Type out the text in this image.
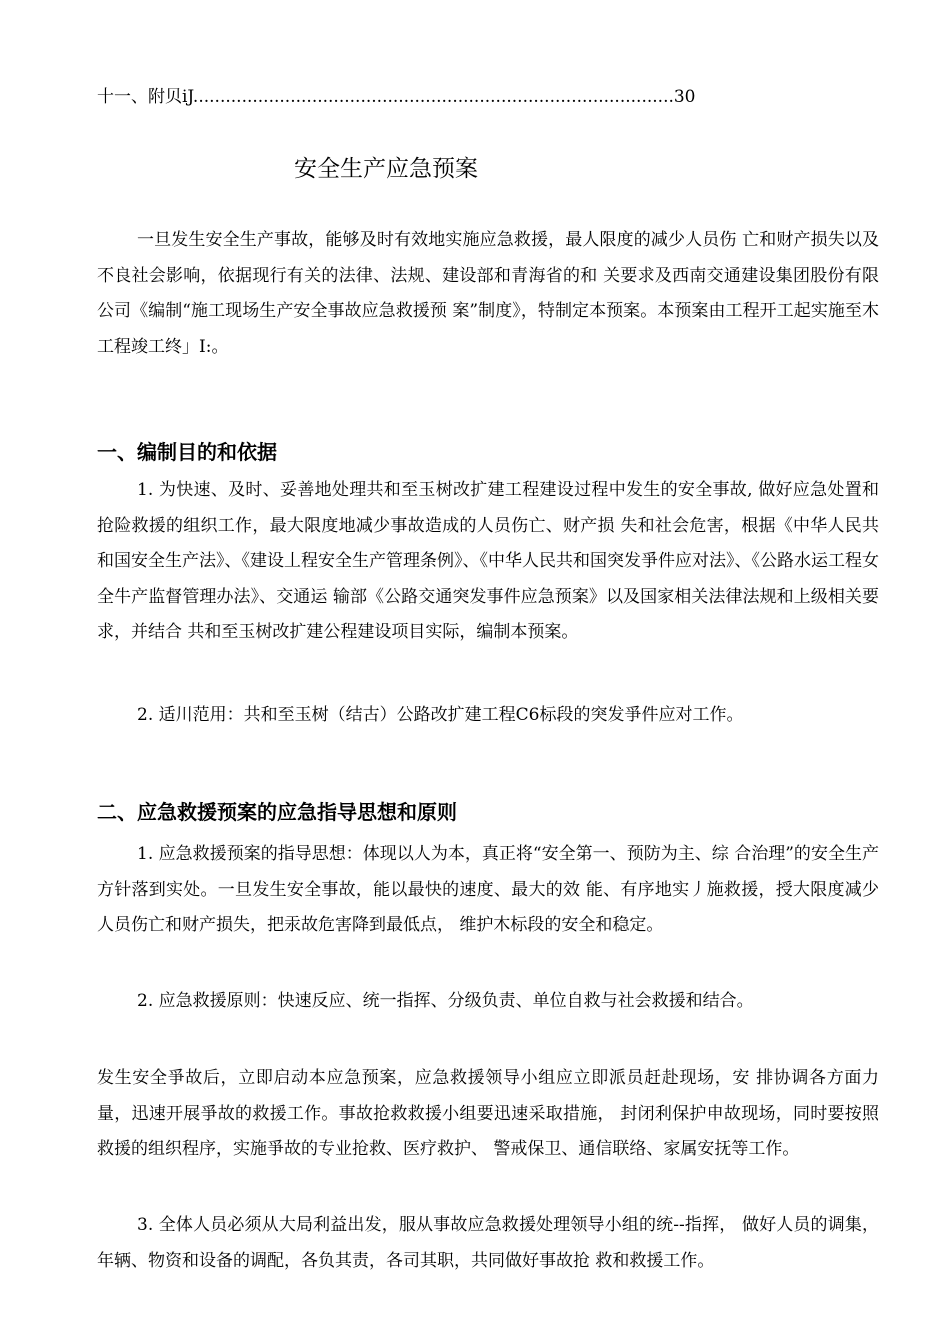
十一、附贝iJ.........................................................................................30
安全生产应急预案

一旦发生安全生产事故，能够及时有效地实施应急救援，最人限度的减少人员伤 亡和财产损失以及不良社会影响，依据现行有关的法律、法规、建设部和青海省的和 关要求及西南交通建设集团股份有限公司《编制“施工现场生产安全事故应急救援预 案”制度》，特制定本预案。本预案由工程开工起实施至木工程竣工终」I:。

一、编制目的和依据

1. 为快速、及时、妥善地处理共和至玉树改扩建工程建设过程中发生的安全事故, 做好应急处置和抢险救援的组织工作，最大限度地减少事故造成的人员伤亡、财产损 失和社会危害，根据《中华人民共和国安全生产法》、《建设丄程安全生产管理条例》、《中华人民共和国突发爭件应对法》、《公路水运工程女全牛产监督管理办法》、交通运 输部《公路交通突发事件应急预案》以及国家相关法律法规和上级相关要求，并结合 共和至玉树改扩建公程建设项目实际，编制本预案。

2. 适川范用：共和至玉树（结古）公路改扩建工程C6标段的突发爭件应对工作。

二、应急救援预案的应急指导思想和原则

1. 应急救援预案的指导思想：体现以人为本，真正将“安全第一、预防为主、综 合治理”的安全生产方针落到实处。一旦发生安全事故，能以最快的速度、最大的效 能、有序地实丿施救援，授大限度减少人员伤亡和财产损失，把汞故危害降到最低点， 维护木标段的安全和稳定。

2. 应急救援原则：快速反应、统一指挥、分级负责、单位自救与社会救援和结合。

发生安全爭故后，立即启动本应急预案，应急救援领导小组应立即派员赶赴现场，安 排协调各方面力量，迅速开展爭故的救援工作。事故抢救救援小组要迅速采取措施， 封闭利保护申故现场，同时要按照救援的组织程序，实施爭故的专业抢救、医疗救护、 警戒保卫、通信联络、家属安抚等工作。

3. 全体人员必须从大局利益出发，服从事故应急救援处理领导小组的统--指挥， 做好人员的调集，年辆、物资和设备的调配，各负其责，各司其职，共同做好事故抢 救和救援工作。
